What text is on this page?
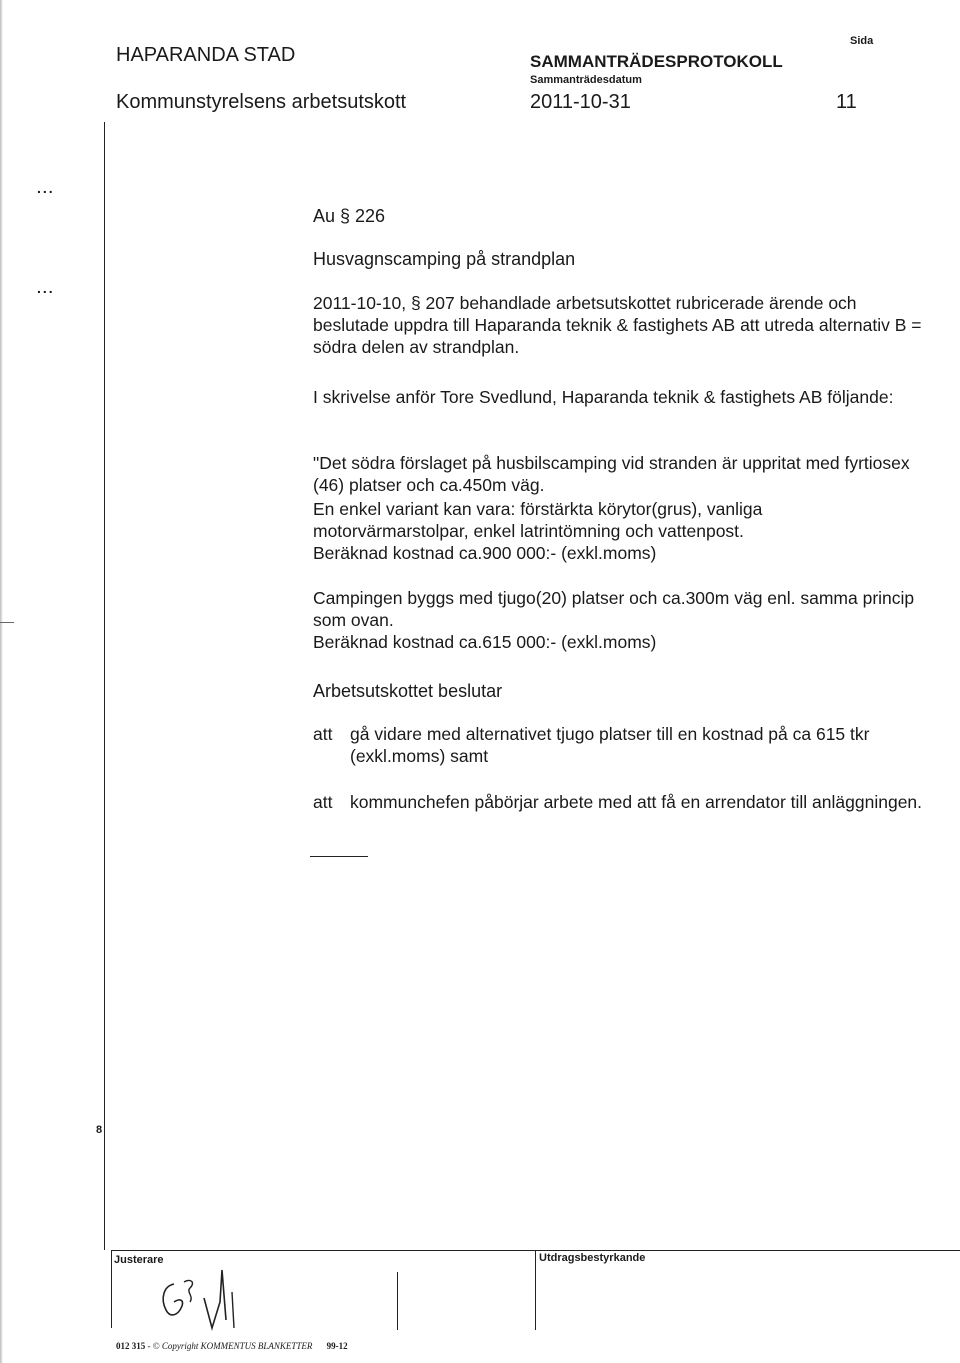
HAPARANDA STAD
Kommunstyrelsens arbetsutskott
SAMMANTRÄDESPROTOKOLL
Sammanträdesdatum
2011-10-31
Sida
11
...
...
Au § 226
Husvagnscamping på strandplan
2011-10-10, § 207 behandlade arbetsutskottet rubricerade ärende och beslutade uppdra till Haparanda teknik & fastighets AB att utreda alternativ B = södra delen av strandplan.
I skrivelse anför Tore Svedlund, Haparanda teknik & fastighets AB följande:
"Det södra förslaget på husbilscamping vid stranden är uppritat med fyrtiosex (46) platser och ca.450m väg.
En enkel variant kan vara: förstärkta körytor(grus), vanliga motorvärmarstolpar, enkel latrintömning och vattenpost.
Beräknad kostnad ca.900 000:- (exkl.moms)
Campingen byggs med tjugo(20) platser och ca.300m väg enl. samma princip som ovan.
Beräknad kostnad ca.615 000:- (exkl.moms)
Arbetsutskottet beslutar
att	gå vidare med alternativet tjugo platser till en kostnad på ca 615 tkr (exkl.moms) samt
att	kommunchefen påbörjar arbete med att få en arrendator till anläggningen.
8
Justerare	Utdragsbestyrkande
012 315 - © Copyright KOMMENTUS BLANKETTER 99-12
